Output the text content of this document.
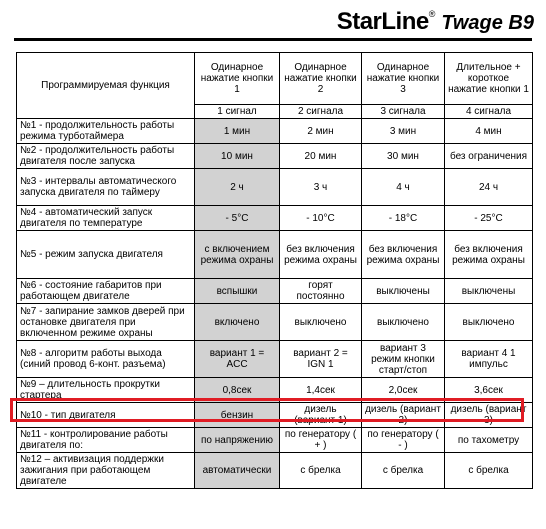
StarLine ® Twage B9
Программируемая функция	Одинарное нажатие кнопки 1	Одинарное нажатие кнопки 2	Одинарное нажатие кнопки 3	Длительное + короткое нажатие кнопки 1
	1 сигнал	2 сигнала	3 сигнала	4 сигнала
№1 - продолжительность работы режима турботаймера	1 мин	2 мин	3 мин	4 мин
№2 - продолжительность работы двигателя после запуска	10 мин	20 мин	30 мин	без ограничения
№3 - интервалы автоматического запуска двигателя по таймеру	2 ч	3 ч	4 ч	24 ч
№4 - автоматический запуск двигателя по температуре	- 5°C	- 10°C	- 18°C	- 25°C
№5 - режим запуска двигателя	с включением режима охраны	без включения режима охраны	без включения режима охраны	без включения режима охраны
№6 - состояние габаритов при работающем двигателе	вспышки	горят постоянно	выключены	выключены
№7 - запирание замков дверей при остановке двигателя при включенном режиме охраны	включено	выключено	выключено	выключено
№8 - алгоритм работы выхода (синий провод 6-конт. разъема)	вариант 1 = ACC	вариант 2 = IGN 1	вариант 3 режим кнопки старт/стоп	вариант 4 1 импульс
№9 – длительность прокрутки стартера	0,8сек	1,4сек	2,0сек	3,6сек
№10 - тип двигателя	бензин	дизель (вариант 1)	дизель (вариант 2)	дизель (вариант 3)
№11 - контролирование работы двигателя по:	по напряжению	по генератору ( + )	по генератору ( - )	по тахометру
№12 – активизация поддержки зажигания при работающем двигателе	автоматически	с брелка	с брелка	с брелка
